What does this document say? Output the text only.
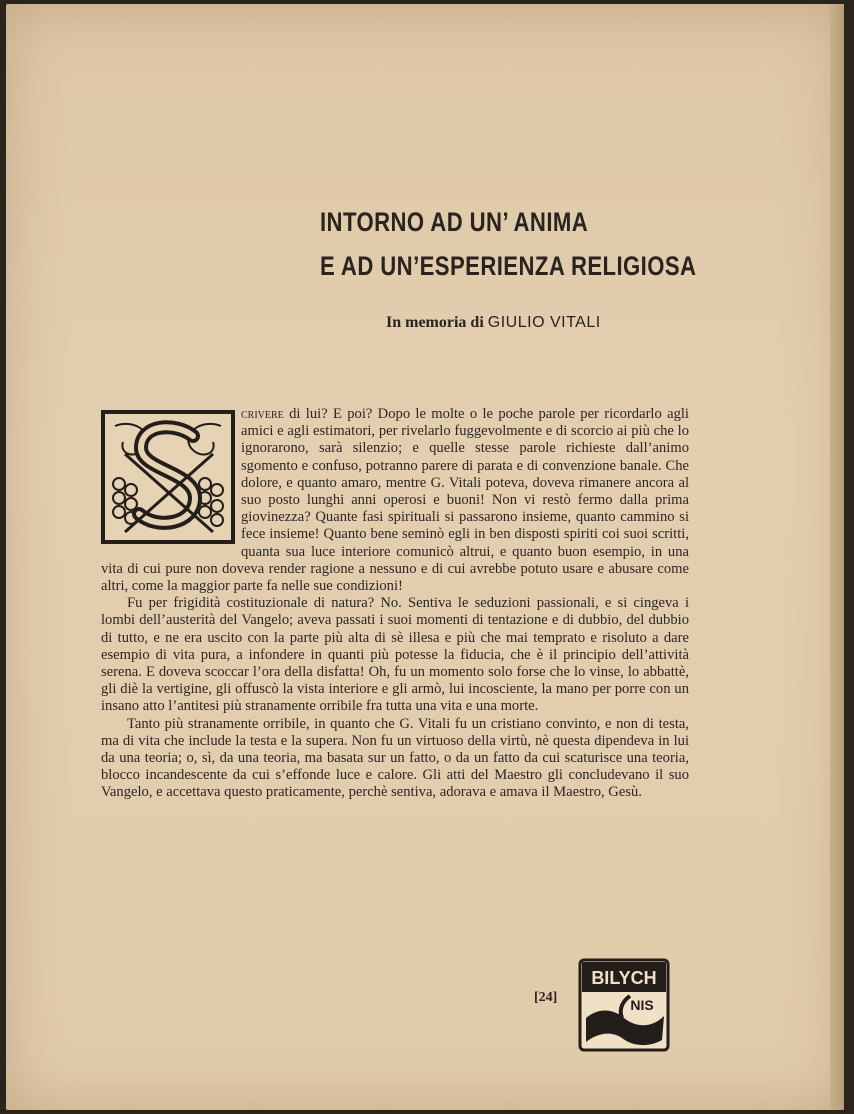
INTORNO AD UN’ ANIMA
E AD UN’ESPERIENZA RELIGIOSA
In memoria di GIULIO VITALI

crivere di lui? E poi? Dopo le molte o le poche parole per ricordarlo agli amici e agli estimatori, per rivelarlo fuggevolmente e di scorcio ai più che lo ignorarono, sarà silenzio; e quelle stesse parole richieste dall’animo sgomento e confuso, potranno parere di parata e di convenzione banale. Che dolore, e quanto amaro, mentre G. Vitali poteva, doveva rimanere ancora al suo posto lunghi anni operosi e buoni! Non vi restò fermo dalla prima giovinezza? Quante fasi spirituali si passarono insieme, quanto cammino si fece insieme! Quanto bene seminò egli in ben disposti spiriti coi suoi scritti, quanta sua luce interiore comunicò altrui, e quanto buon esempio, in una vita di cui pure non doveva render ragione a nessuno e di cui avrebbe potuto usare e abusare come altri, come la maggior parte fa nelle sue condizioni!

Fu per frigidità costituzionale di natura? No. Sentiva le seduzioni passionali, e si cingeva i lombi dell’austerità del Vangelo; aveva passati i suoi momenti di tentazione e di dubbio, del dubbio di tutto, e ne era uscito con la parte più alta di sè illesa e più che mai temprato e risoluto a dare esempio di vita pura, a infondere in quanti più potesse la fiducia, che è il principio dell’attività serena. E doveva scoccar l’ora della disfatta! Oh, fu un momento solo forse che lo vinse, lo abbattè, gli diè la vertigine, gli offuscò la vista interiore e gli armò, lui incosciente, la mano per porre con un insano atto l’antitesi più stranamente orribile fra tutta una vita e una morte.

Tanto più stranamente orribile, in quanto che G. Vitali fu un cristiano convinto, e non di testa, ma di vita che include la testa e la supera. Non fu un virtuoso della virtù, nè questa dipendeva in lui da una teoria; o, sì, da una teoria, ma basata sur un fatto, o da un fatto da cui scaturisce una teoria, blocco incandescente da cui s’effonde luce e calore. Gli atti del Maestro gli concludevano il suo Vangelo, e accettava questo praticamente, perchè sentiva, adorava e amava il Maestro, Gesù.

[24]
BILYCH
NIS
